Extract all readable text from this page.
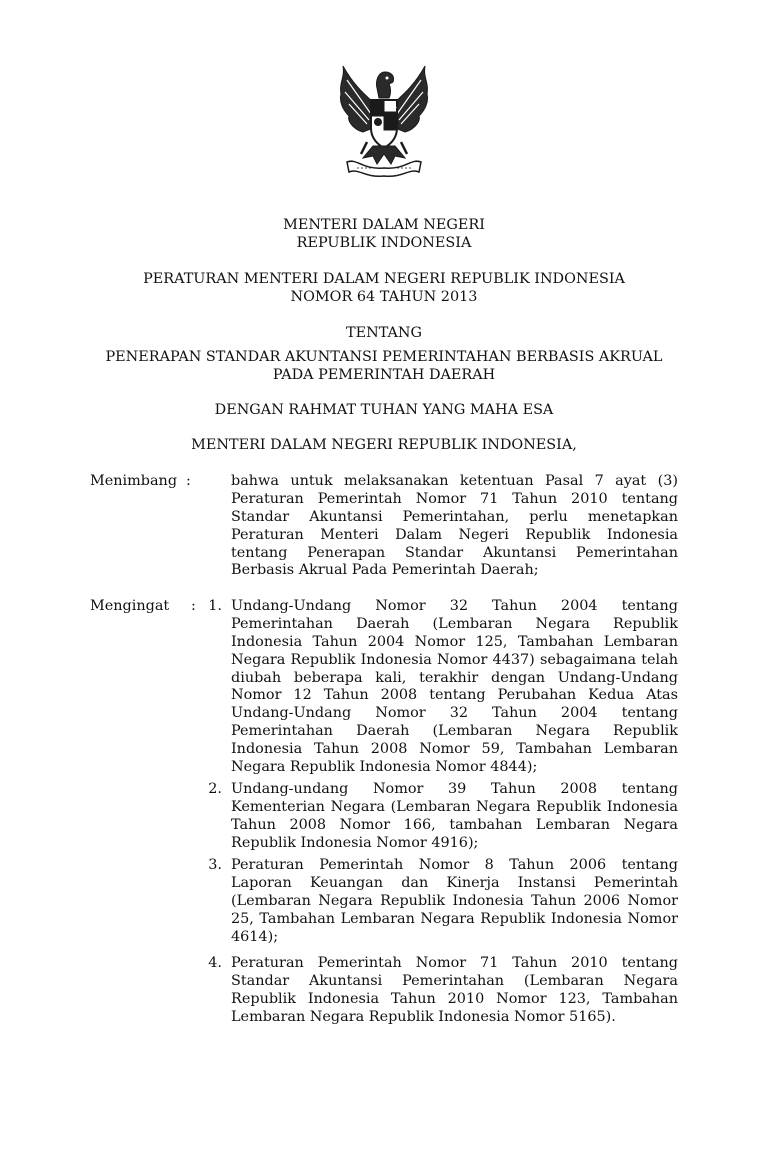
MENTERI DALAM NEGERI
REPUBLIK INDONESIA
PERATURAN MENTERI DALAM NEGERI REPUBLIK INDONESIA
NOMOR 64 TAHUN 2013
TENTANG
PENERAPAN STANDAR AKUNTANSI PEMERINTAHAN BERBASIS AKRUAL
PADA PEMERINTAH DAERAH
DENGAN RAHMAT TUHAN YANG MAHA ESA
MENTERI DALAM NEGERI REPUBLIK INDONESIA,
Menimbang :	bahwa untuk melaksanakan ketentuan Pasal 7 ayat (3)
Peraturan Pemerintah Nomor 71 Tahun 2010 tentang
Standar Akuntansi Pemerintahan, perlu menetapkan
Peraturan Menteri Dalam Negeri Republik Indonesia
tentang Penerapan Standar Akuntansi Pemerintahan
Berbasis Akrual Pada Pemerintah Daerah;
Mengingat : 1. Undang-Undang Nomor 32 Tahun 2004 tentang
Pemerintahan Daerah (Lembaran Negara Republik
Indonesia Tahun 2004 Nomor 125, Tambahan Lembaran
Negara Republik Indonesia Nomor 4437) sebagaimana telah
diubah beberapa kali, terakhir dengan Undang-Undang
Nomor 12 Tahun 2008 tentang Perubahan Kedua Atas
Undang-Undang Nomor 32 Tahun 2004 tentang
Pemerintahan Daerah (Lembaran Negara Republik
Indonesia Tahun 2008 Nomor 59, Tambahan Lembaran
Negara Republik Indonesia Nomor 4844);
2. Undang-undang Nomor 39 Tahun 2008 tentang
Kementerian Negara (Lembaran Negara Republik Indonesia
Tahun 2008 Nomor 166, tambahan Lembaran Negara
Republik Indonesia Nomor 4916);
3. Peraturan Pemerintah Nomor 8 Tahun 2006 tentang
Laporan Keuangan dan Kinerja Instansi Pemerintah
(Lembaran Negara Republik Indonesia Tahun 2006 Nomor
25, Tambahan Lembaran Negara Republik Indonesia Nomor
4614);
4. Peraturan Pemerintah Nomor 71 Tahun 2010 tentang
Standar Akuntansi Pemerintahan (Lembaran Negara
Republik Indonesia Tahun 2010 Nomor 123, Tambahan
Lembaran Negara Republik Indonesia Nomor 5165).
